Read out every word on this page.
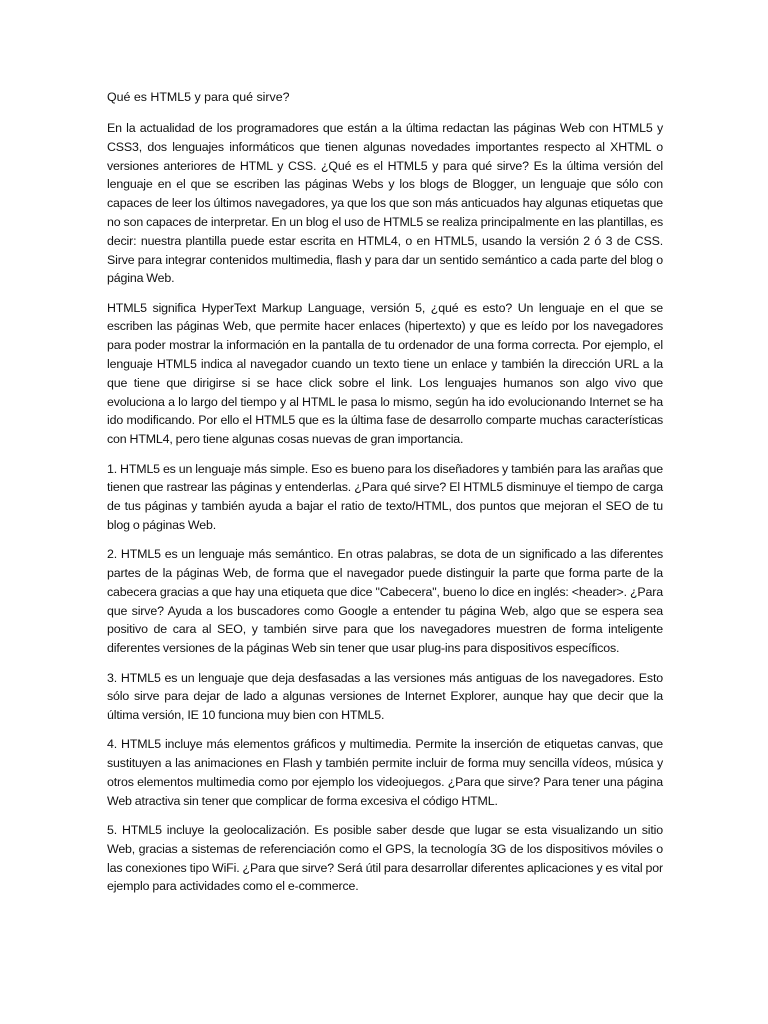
Qué es HTML5 y para qué sirve?

En la actualidad de los programadores que están a la última redactan las páginas Web con HTML5 y CSS3, dos lenguajes informáticos que tienen algunas novedades importantes respecto al XHTML o versiones anteriores de HTML y CSS. ¿Qué es el HTML5 y para qué sirve? Es la última versión del lenguaje en el que se escriben las páginas Webs y los blogs de Blogger, un lenguaje que sólo con capaces de leer los últimos navegadores, ya que los que son más anticuados hay algunas etiquetas que no son capaces de interpretar. En un blog el uso de HTML5 se realiza principalmente en las plantillas, es decir: nuestra plantilla puede estar escrita en HTML4, o en HTML5, usando la versión 2 ó 3 de CSS. Sirve para integrar contenidos multimedia, flash y para dar un sentido semántico a cada parte del blog o página Web.

HTML5 significa HyperText Markup Language, versión 5, ¿qué es esto? Un lenguaje en el que se escriben las páginas Web, que permite hacer enlaces (hipertexto) y que es leído por los navegadores para poder mostrar la información en la pantalla de tu ordenador de una forma correcta. Por ejemplo, el lenguaje HTML5 indica al navegador cuando un texto tiene un enlace y también la dirección URL a la que tiene que dirigirse si se hace click sobre el link. Los lenguajes humanos son algo vivo que evoluciona a lo largo del tiempo y al HTML le pasa lo mismo, según ha ido evolucionando Internet se ha ido modificando. Por ello el HTML5 que es la última fase de desarrollo comparte muchas características con HTML4, pero tiene algunas cosas nuevas de gran importancia.

1. HTML5 es un lenguaje más simple. Eso es bueno para los diseñadores y también para las arañas que tienen que rastrear las páginas y entenderlas. ¿Para qué sirve? El HTML5 disminuye el tiempo de carga de tus páginas y también ayuda a bajar el ratio de texto/HTML, dos puntos que mejoran el SEO de tu blog o páginas Web.

2. HTML5 es un lenguaje más semántico. En otras palabras, se dota de un significado a las diferentes partes de la páginas Web, de forma que el navegador puede distinguir la parte que forma parte de la cabecera gracias a que hay una etiqueta que dice "Cabecera", bueno lo dice en inglés: <header>. ¿Para que sirve? Ayuda a los buscadores como Google a entender tu página Web, algo que se espera sea positivo de cara al SEO, y también sirve para que los navegadores muestren de forma inteligente diferentes versiones de la páginas Web sin tener que usar plug-ins para dispositivos específicos.

3. HTML5 es un lenguaje que deja desfasadas a las versiones más antiguas de los navegadores. Esto sólo sirve para dejar de lado a algunas versiones de Internet Explorer, aunque hay que decir que la última versión, IE 10 funciona muy bien con HTML5.

4. HTML5 incluye más elementos gráficos y multimedia. Permite la inserción de etiquetas canvas, que sustituyen a las animaciones en Flash y también permite incluir de forma muy sencilla vídeos, música y otros elementos multimedia como por ejemplo los videojuegos. ¿Para que sirve? Para tener una página Web atractiva sin tener que complicar de forma excesiva el código HTML.

5. HTML5 incluye la geolocalización. Es posible saber desde que lugar se esta visualizando un sitio Web, gracias a sistemas de referenciación como el GPS, la tecnología 3G de los dispositivos móviles o las conexiones tipo WiFi. ¿Para que sirve? Será útil para desarrollar diferentes aplicaciones y es vital por ejemplo para actividades como el e-commerce.
